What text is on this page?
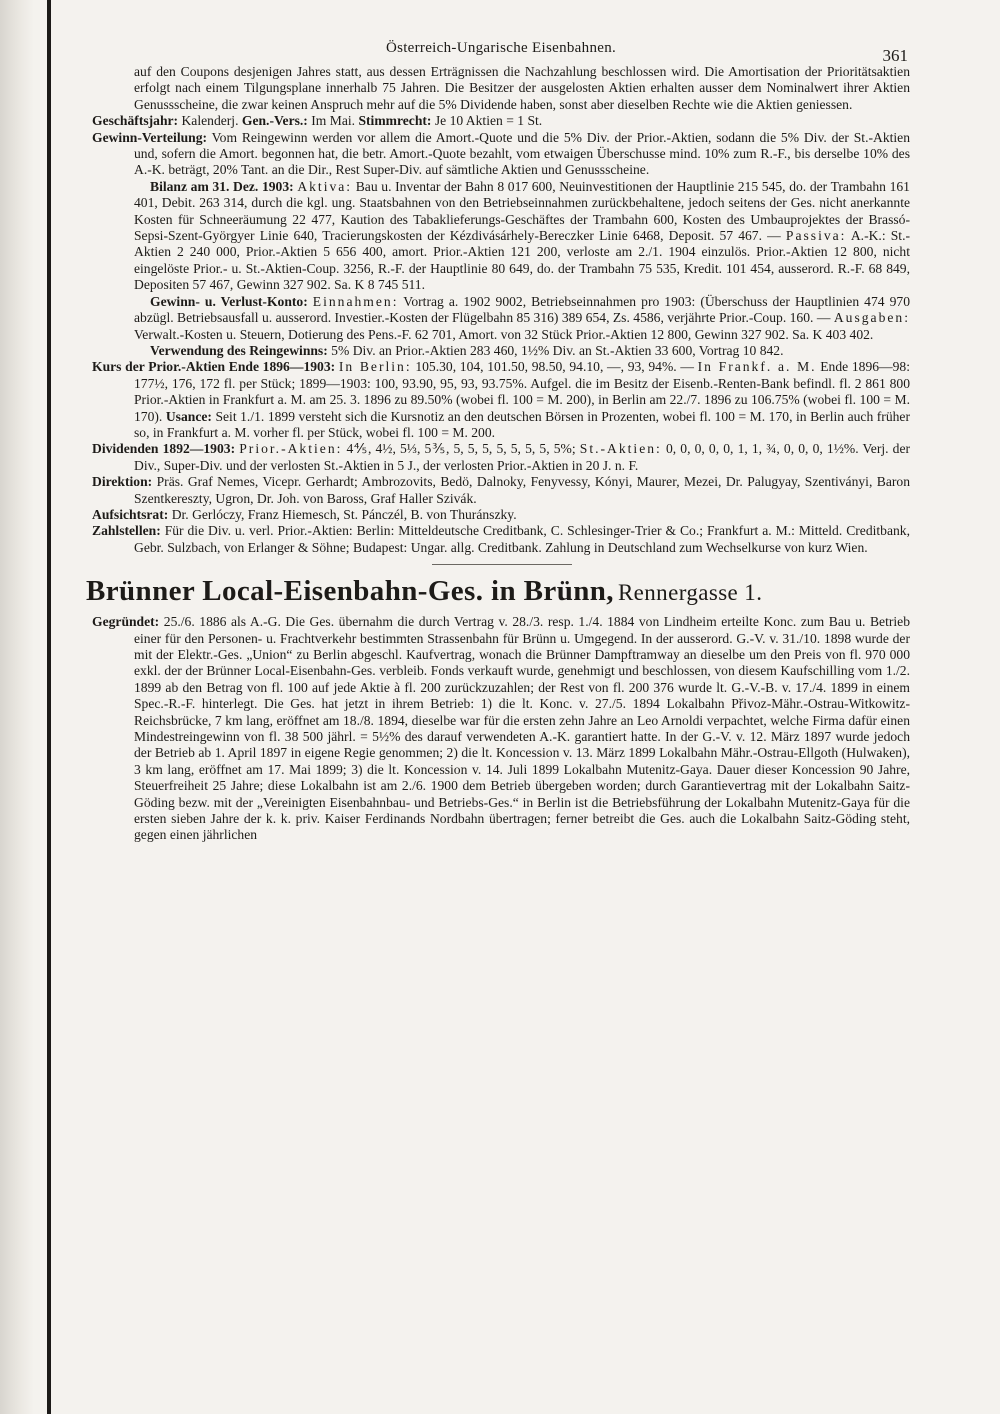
Österreich-Ungarische Eisenbahnen.	361

auf den Coupons desjenigen Jahres statt, aus dessen Erträgnissen die Nachzahlung beschlossen wird. Die Amortisation der Prioritätsaktien erfolgt nach einem Tilgungsplane innerhalb 75 Jahren. Die Besitzer der ausgelosten Aktien erhalten ausser dem Nominalwert ihrer Aktien Genussscheine, die zwar keinen Anspruch mehr auf die 5% Dividende haben, sonst aber dieselben Rechte wie die Aktien geniessen.

Geschäftsjahr: Kalenderj. Gen.-Vers.: Im Mai. Stimmrecht: Je 10 Aktien = 1 St.

Gewinn-Verteilung: Vom Reingewinn werden vor allem die Amort.-Quote und die 5% Div. der Prior.-Aktien, sodann die 5% Div. der St.-Aktien und, sofern die Amort. begonnen hat, die betr. Amort.-Quote bezahlt, vom etwaigen Überschusse mind. 10% zum R.-F., bis derselbe 10% des A.-K. beträgt, 20% Tant. an die Dir., Rest Super-Div. auf sämtliche Aktien und Genussscheine.

Bilanz am 31. Dez. 1903: Aktiva: Bau u. Inventar der Bahn 8 017 600, Neuinvestitionen der Hauptlinie 215 545, do. der Trambahn 161 401, Debit. 263 314, durch die kgl. ung. Staatsbahnen von den Betriebseinnahmen zurückbehaltene, jedoch seitens der Ges. nicht anerkannte Kosten für Schneeräumung 22 477, Kaution des Tabaklieferungs-Geschäftes der Trambahn 600, Kosten des Umbauprojektes der Brassó-Sepsi-Szent-Györgyer Linie 640, Tracierungskosten der Kézdivásárhely-Bereczker Linie 6468, Deposit. 57 467. — Passiva: A.-K.: St.-Aktien 2 240 000, Prior.-Aktien 5 656 400, amort. Prior.-Aktien 121 200, verloste am 2./1. 1904 einzulös. Prior.-Aktien 12 800, nicht eingelöste Prior.- u. St.-Aktien-Coup. 3256, R.-F. der Hauptlinie 80 649, do. der Trambahn 75 535, Kredit. 101 454, ausserord. R.-F. 68 849, Depositen 57 467, Gewinn 327 902. Sa. K 8 745 511.

Gewinn- u. Verlust-Konto: Einnahmen: Vortrag a. 1902 9002, Betriebseinnahmen pro 1903: (Überschuss der Hauptlinien 474 970 abzügl. Betriebsausfall u. ausserord. Investier.-Kosten der Flügelbahn 85 316) 389 654, Zs. 4586, verjährte Prior.-Coup. 160. — Ausgaben: Verwalt.-Kosten u. Steuern, Dotierung des Pens.-F. 62 701, Amort. von 32 Stück Prior.-Aktien 12 800, Gewinn 327 902. Sa. K 403 402.

Verwendung des Reingewinns: 5% Div. an Prior.-Aktien 283 460, 1½% Div. an St.-Aktien 33 600, Vortrag 10 842.

Kurs der Prior.-Aktien Ende 1896—1903: In Berlin: 105.30, 104, 101.50, 98.50, 94.10, —, 93, 94%. — In Frankf. a. M. Ende 1896—98: 177½, 176, 172 fl. per Stück; 1899—1903: 100, 93.90, 95, 93, 93.75%. Aufgel. die im Besitz der Eisenb.-Renten-Bank befindl. fl. 2 861 800 Prior.-Aktien in Frankfurt a. M. am 25. 3. 1896 zu 89.50% (wobei fl. 100 = M. 200), in Berlin am 22./7. 1896 zu 106.75% (wobei fl. 100 = M. 170). Usance: Seit 1./1. 1899 versteht sich die Kursnotiz an den deutschen Börsen in Prozenten, wobei fl. 100 = M. 170, in Berlin auch früher so, in Frankfurt a. M. vorher fl. per Stück, wobei fl. 100 = M. 200.

Dividenden 1892—1903: Prior.-Aktien: 4⅘, 4½, 5⅓, 5⅗, 5, 5, 5, 5, 5, 5, 5, 5%; St.-Aktien: 0, 0, 0, 0, 0, 1, 1, ¾, 0, 0, 0, 1½%. Verj. der Div., Super-Div. und der verlosten St.-Aktien in 5 J., der verlosten Prior.-Aktien in 20 J. n. F.

Direktion: Präs. Graf Nemes, Vicepr. Gerhardt; Ambrozovits, Bedö, Dalnoky, Fenyvessy, Kónyi, Maurer, Mezei, Dr. Palugyay, Szentiványi, Baron Szentkereszty, Ugron, Dr. Joh. von Baross, Graf Haller Szivák.

Aufsichtsrat: Dr. Gerlóczy, Franz Hiemesch, St. Pánczél, B. von Thuránszky.

Zahlstellen: Für die Div. u. verl. Prior.-Aktien: Berlin: Mitteldeutsche Creditbank, C. Schlesinger-Trier & Co.; Frankfurt a. M.: Mitteld. Creditbank, Gebr. Sulzbach, von Erlanger & Söhne; Budapest: Ungar. allg. Creditbank. Zahlung in Deutschland zum Wechselkurse von kurz Wien.

Brünner Local-Eisenbahn-Ges. in Brünn, Rennergasse 1.

Gegründet: 25./6. 1886 als A.-G. Die Ges. übernahm die durch Vertrag v. 28./3. resp. 1./4. 1884 von Lindheim erteilte Konc. zum Bau u. Betrieb einer für den Personen- u. Frachtverkehr bestimmten Strassenbahn für Brünn u. Umgegend. In der ausserord. G.-V. v. 31./10. 1898 wurde der mit der Elektr.-Ges. „Union“ zu Berlin abgeschl. Kaufvertrag, wonach die Brünner Dampftramway an dieselbe um den Preis von fl. 970 000 exkl. der der Brünner Local-Eisenbahn-Ges. verbleib. Fonds verkauft wurde, genehmigt und beschlossen, von diesem Kaufschilling vom 1./2. 1899 ab den Betrag von fl. 100 auf jede Aktie à fl. 200 zurückzuzahlen; der Rest von fl. 200 376 wurde lt. G.-V.-B. v. 17./4. 1899 in einem Spec.-R.-F. hinterlegt. Die Ges. hat jetzt in ihrem Betrieb: 1) die lt. Konc. v. 27./5. 1894 Lokalbahn Přivoz-Mähr.-Ostrau-Witkowitz-Reichsbrücke, 7 km lang, eröffnet am 18./8. 1894, dieselbe war für die ersten zehn Jahre an Leo Arnoldi verpachtet, welche Firma dafür einen Mindestreingewinn von fl. 38 500 jährl. = 5½% des darauf verwendeten A.-K. garantiert hatte. In der G.-V. v. 12. März 1897 wurde jedoch der Betrieb ab 1. April 1897 in eigene Regie genommen; 2) die lt. Koncession v. 13. März 1899 Lokalbahn Mähr.-Ostrau-Ellgoth (Hulwaken), 3 km lang, eröffnet am 17. Mai 1899; 3) die lt. Koncession v. 14. Juli 1899 Lokalbahn Mutenitz-Gaya. Dauer dieser Koncession 90 Jahre, Steuerfreiheit 25 Jahre; diese Lokalbahn ist am 2./6. 1900 dem Betrieb übergeben worden; durch Garantievertrag mit der Lokalbahn Saitz-Göding bezw. mit der „Vereinigten Eisenbahnbau- und Betriebs-Ges.“ in Berlin ist die Betriebsführung der Lokalbahn Mutenitz-Gaya für die ersten sieben Jahre der k. k. priv. Kaiser Ferdinands Nordbahn übertragen; ferner betreibt die Ges. auch die Lokalbahn Saitz-Göding steht, gegen einen jährlichen
